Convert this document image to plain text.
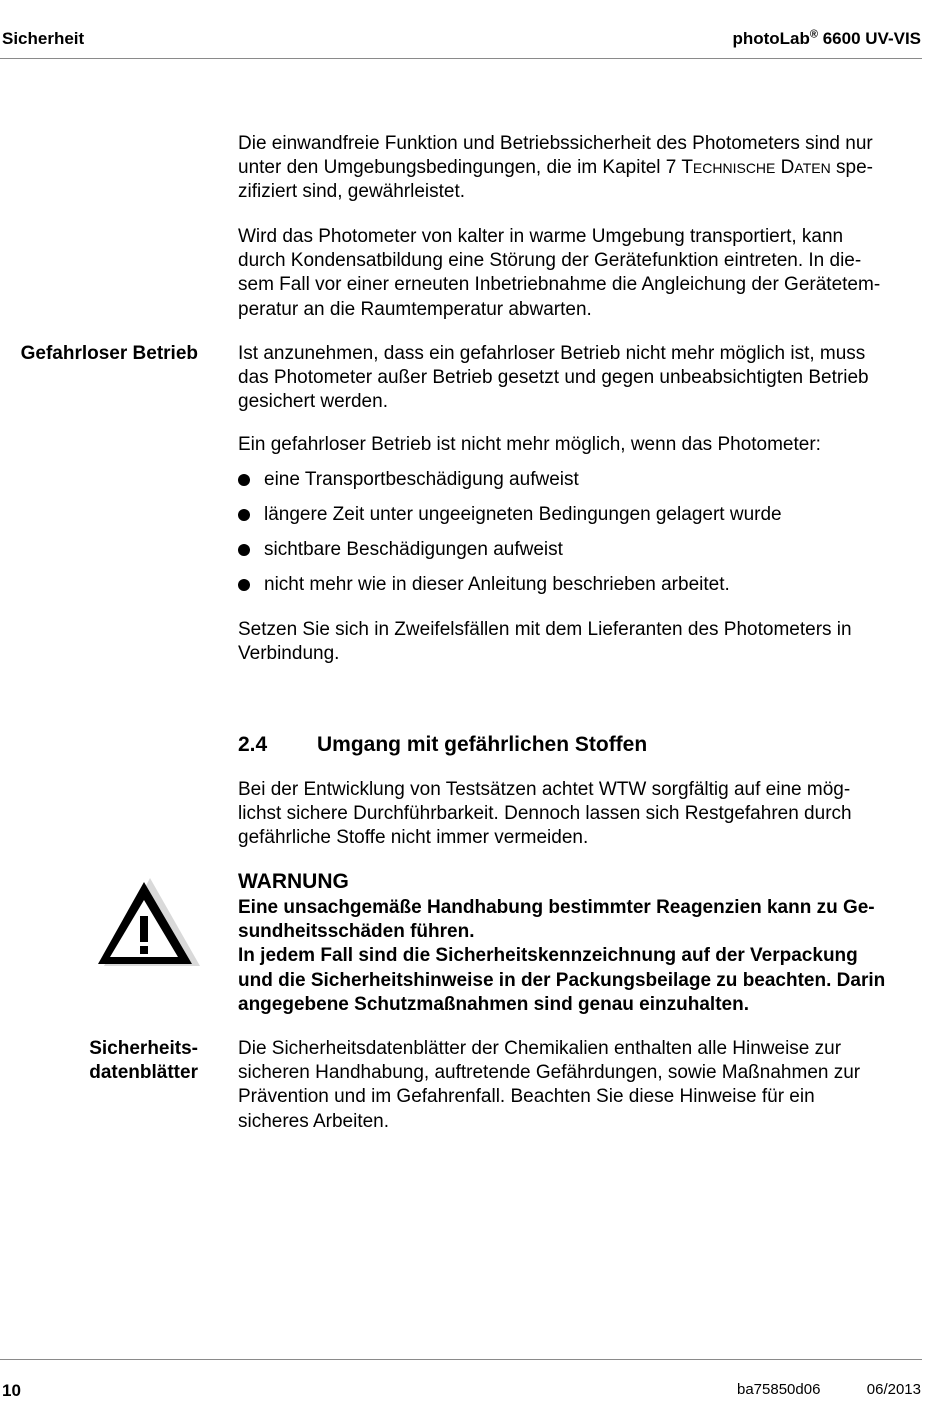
Sicherheit	photoLab® 6600 UV-VIS

Die einwandfreie Funktion und Betriebssicherheit des Photometers sind nur
unter den Umgebungsbedingungen, die im Kapitel 7 TECHNISCHE DATEN spe-
zifiziert sind, gewährleistet.

Wird das Photometer von kalter in warme Umgebung transportiert, kann
durch Kondensatbildung eine Störung der Gerätefunktion eintreten. In die-
sem Fall vor einer erneuten Inbetriebnahme die Angleichung der Gerätetem-
peratur an die Raumtemperatur abwarten.

Gefahrloser Betrieb Ist anzunehmen, dass ein gefahrloser Betrieb nicht mehr möglich ist, muss
das Photometer außer Betrieb gesetzt und gegen unbeabsichtigten Betrieb
gesichert werden.

Ein gefahrloser Betrieb ist nicht mehr möglich, wenn das Photometer:

eine Transportbeschädigung aufweist
längere Zeit unter ungeeigneten Bedingungen gelagert wurde
sichtbare Beschädigungen aufweist
nicht mehr wie in dieser Anleitung beschrieben arbeitet.

Setzen Sie sich in Zweifelsfällen mit dem Lieferanten des Photometers in
Verbindung.

2.4 Umgang mit gefährlichen Stoffen

Bei der Entwicklung von Testsätzen achtet WTW sorgfältig auf eine mög-
lichst sichere Durchführbarkeit. Dennoch lassen sich Restgefahren durch
gefährliche Stoffe nicht immer vermeiden.

WARNUNG

Eine unsachgemäße Handhabung bestimmter Reagenzien kann zu Ge-
sundheitsschäden führen.
In jedem Fall sind die Sicherheitskennzeichnung auf der Verpackung
und die Sicherheitshinweise in der Packungsbeilage zu beachten. Darin
angegebene Schutzmaßnahmen sind genau einzuhalten.

Sicherheits-
datenblätter

Die Sicherheitsdatenblätter der Chemikalien enthalten alle Hinweise zur
sicheren Handhabung, auftretende Gefährdungen, sowie Maßnahmen zur
Prävention und im Gefahrenfall. Beachten Sie diese Hinweise für ein
sicheres Arbeiten.

10	ba75850d06	06/2013
